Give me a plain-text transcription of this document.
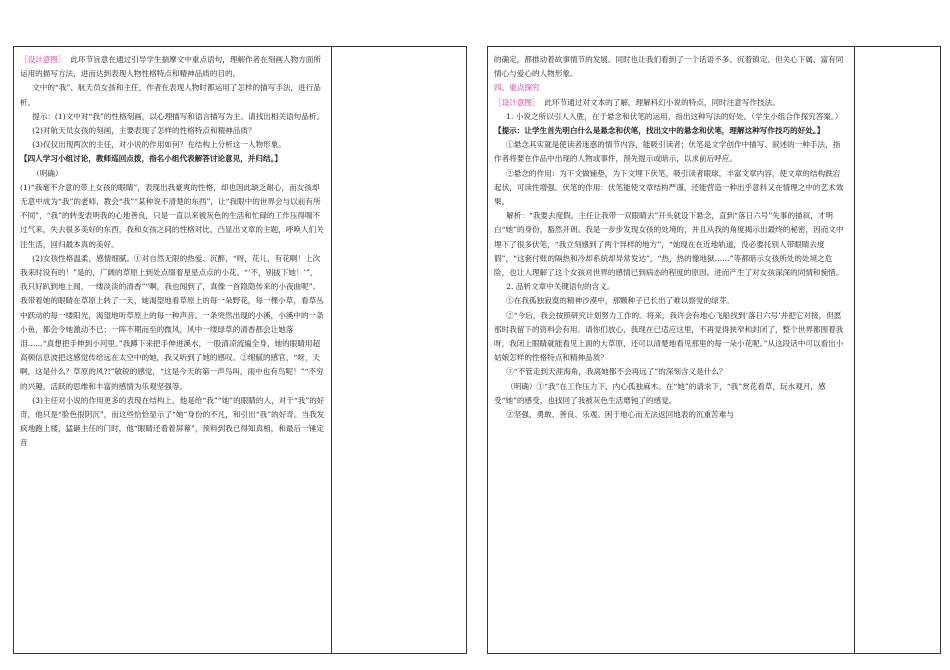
［设计意图］ 此环节旨意在通过引导学生揣摩文中重点语句，理解作者在刻画人物方面所运用的描写方法，进而达到表现人物性格特点和精神品质的目的。

文中的“我”、航天员女孩和主任，作者在表现人物时都运用了怎样的描写手法，进行品析。

提示：(1)文中对“我”的性格刻画，以心理描写和语言描写为主。请找出相关语句品析。

(2)对航天员女孩的刻画，主要表现了怎样的性格特点和精神品质？

(3)仅仅出现两次的主任，对小说的作用如何？在结构上分析这一人物形象。

【四人学习小组讨论，教师巡回点拨，指名小组代表解答讨论意见，并归结。】

（明确）

(1)“我毫不介意的带上女孩的眼睛”，表现出我豪爽的性格，却也因此缺乏耐心，而女孩却无意中成为“我”的老师，教会“我”“某种说不清楚的东西”，让“我眼中的世界会与以前有所不同”，“我”的转变表明我的心地善良，只是一直以来被灰色的生活和忙碌的工作压得喘不过气来，失去很多美好的东西，我和女孩之间的性格对比，凸显出文章的主题，呼唤人们关注生活，回归最本真的美好。

(2)女孩性格温柔，感情细腻。①对自然无限的热爱、沉醉，“呀，花儿，有花啊！上次我来时没有的！”是的，广阔的草原上到处点缀着星星点点的小花。“‘不，别拔下她！’”，我只好趴到地上闻，一缕淡淡的清香”“啊，我也闻到了，真像一首隐隐传来的小夜曲呢”。我带着她的眼睛在草原上转了一天，她渴望地看草原上的每一朵野花，每一棵小草，看草丛中跃动的每一缕阳光，渴望地听草原上的每一种声音。一条突然出现的小溪，小溪中的一条小鱼，都会令她激动不已；一阵不期而至的微风，风中一缕绿草的清香都会让她落泪……“真想把手伸到小河里。”我蹲下来把手伸进溪水，一股清凉流遍全身，她的眼睛用超高频信息波把这感觉传给远在太空中的她，我又听到了她的感叹。②细腻的感官，“呀，天啊，这是什么？草原的风?!”敏锐的感觉，“这是今天的第一声鸟叫，雨中也有鸟呢！”“不穷的兴趣，活跃的思维和丰富的感情为乐观坚强等。

(3)主任对小说的作用更多的表现在结构上，他是给“我”“她”的眼睛的人，对于“我”的好奇，他只是“脸色很阴沉”，而这些恰恰显示了“她”身份的不凡，和引出“我”的好奇。当我发疯地跑上楼，猛砸主任的门时，他“眼睛还看着屏幕”，预料到我已得知真相，和最后一锤定音

的确定，都推动着故事情节的发展。同时也让我们看到了一个话语不多、沉着镇定、但关心下属、富有同情心与爱心的人物形象。

四、重点探究

［设计意图］ 此环节通过对文本的了解，理解科幻小说的特点，同时注意写作技法。

1. 小说之所以引人入胜，在于悬念和伏笔的运用，指出这种写法的好处。（学生小组合作探究答案。）

【提示：让学生首先明白什么是悬念和伏笔，找出文中的悬念和伏笔，理解这种写作技巧的好处。】

①悬念其实就是使读者迷惑的情节内容，能吸引读者；伏笔是文学创作中描写、叙述的一种手法，指作者将要在作品中出现的人物或事件，预先提示或暗示，以求前后呼应。

②悬念的作用：为下文做铺垫，为下文埋下伏笔，吸引读者眼球，丰富文章内容，使文章的结构跌宕起伏，可读性增强。伏笔的作用：伏笔能使文章结构严谨，还能营造一种出乎意料又在情理之中的艺术效果。

解析：“我要去度假，主任让我带一双眼睛去”开头就设下悬念，直到“落日六号”失事的描叙，才明白“她”的身份，豁然开朗。我是一步步发现女孩的处境的，并且从我的角度揭示出最终的秘密，因而文中埋下了很多伏笔，“我立刻感到了两个异样的地方”，“她现在在近地轨道，没必要托别人带眼睛去度假”，“这套付账的隔热和冷却系统却异常发达”，“热，热的像地狱……”等都暗示女孩所处的处境之危险，也让人理解了这个女孩对世界的感情已到病态的程度的原因。进而产生了对女孩深深的同情和惋惜。

2. 品析文章中关键语句的含义。

①在我孤独寂寞的精神沙漠中，那颗种子已长出了难以察觉的绿芽。

②“今后，我会按照研究计划努力工作的。将来，我许会有地心飞船找到‘落日六号’并把它对接，但愿那时我留下的资料会有用。请你们放心，我现在已适应这里，不再觉得狭窄和封闭了，整个世界都围着我呀，我闭上眼睛就能看见上面的大草原，还可以清楚地看见那里的每一朵小花呢。”从这段话中可以看出小姑娘怎样的性格特点和精神品质？

③“不管走到天涯海角，我离她都不会再远了”的深刻含义是什么？

（明确）①“我”在工作压力下，内心孤独麻木。在“她”的请求下，“我”赏花看草，玩水观月，感受“她”的感受，也找回了我被灰色生活磨钝了的感觉。

②坚强、勇敢、善良、乐观。困于地心而无法返回地表的沉重苦难与
